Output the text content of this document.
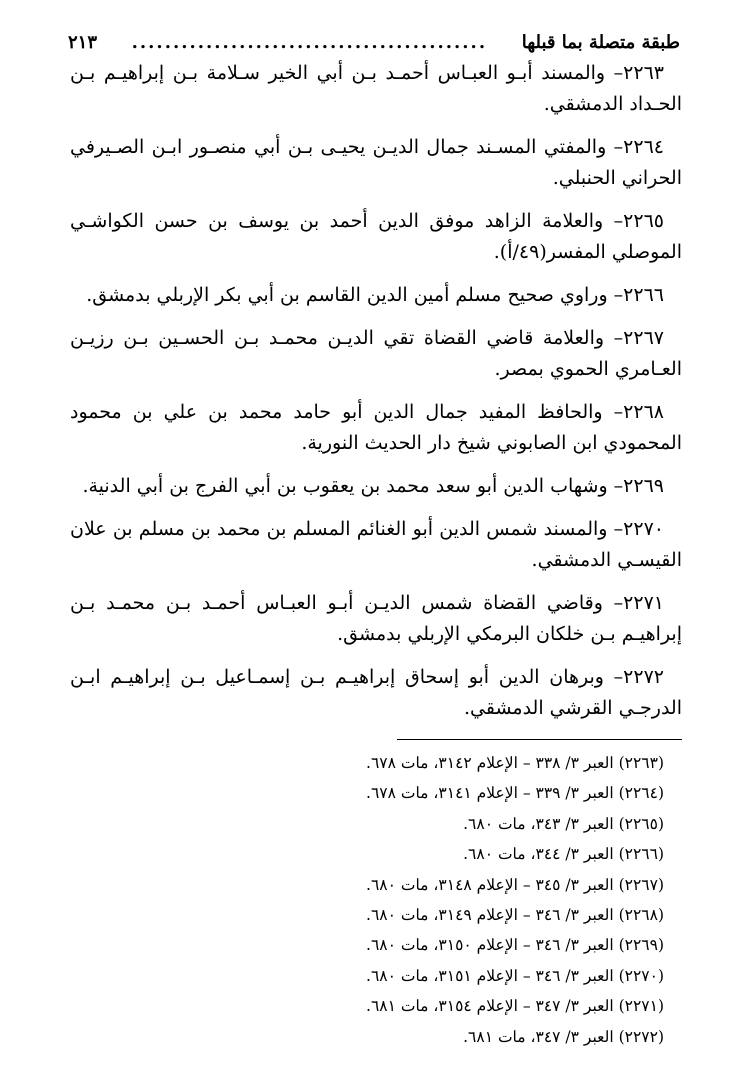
طبقة متصلة بما قبلها
...........................................
٢١٣

٢٢٦٣– والمسند أبـو العبـاس أحمـد بـن أبي الخير سـلامة بـن إبراهيـم بـن الحـداد الدمشقي.

٢٢٦٤– والمفتي المسـند جمال الديـن يحيـى بـن أبي منصـور ابـن الصـيرفي الحراني الحنبلي.

٢٢٦٥– والعلامة الزاهد موفق الدين أحمد بن يوسف بن حسن الكواشـي الموصلي المفسر(٤٩/أ).

٢٢٦٦– وراوي صحيح مسلم أمين الدين القاسم بن أبي بكر الإربلي بدمشق.

٢٢٦٧– والعلامة قاضي القضاة تقي الديـن محمـد بـن الحسـين بـن رزيـن العـامري الحموي بمصر.

٢٢٦٨– والحافظ المفيد جمال الدين أبو حامد محمد بن علي بن محمود المحمودي ابن الصابوني شيخ دار الحديث النورية.

٢٢٦٩– وشهاب الدين أبو سعد محمد بن يعقوب بن أبي الفرج بن أبي الدنية.

٢٢٧٠– والمسند شمس الدين أبو الغنائم المسلم بن محمد بن مسلم بن علان القيسـي الدمشقي.

٢٢٧١– وقاضي القضاة شمس الديـن أبـو العبـاس أحمـد بـن محمـد بـن إبراهيـم بـن خلكان البرمكي الإربلي بدمشق.

٢٢٧٢– وبرهان الدين أبو إسحاق إبراهيـم بـن إسمـاعيل بـن إبراهيـم ابـن الدرجـي القرشي الدمشقي.

(٢٢٦٣) العبر ٣/ ٣٣٨ – الإعلام ٣١٤٢، مات ٦٧٨.
(٢٢٦٤) العبر ٣/ ٣٣٩ – الإعلام ٣١٤١، مات ٦٧٨.
(٢٢٦٥) العبر ٣/ ٣٤٣، مات ٦٨٠.
(٢٢٦٦) العبر ٣/ ٣٤٤، مات ٦٨٠.
(٢٢٦٧) العبر ٣/ ٣٤٥ – الإعلام ٣١٤٨، مات ٦٨٠.
(٢٢٦٨) العبر ٣/ ٣٤٦ – الإعلام ٣١٤٩، مات ٦٨٠.
(٢٢٦٩) العبر ٣/ ٣٤٦ – الإعلام ٣١٥٠، مات ٦٨٠.
(٢٢٧٠) العبر ٣/ ٣٤٦ – الإعلام ٣١٥١، مات ٦٨٠.
(٢٢٧١) العبر ٣/ ٣٤٧ – الإعلام ٣١٥٤، مات ٦٨١.
(٢٢٧٢) العبر ٣/ ٣٤٧، مات ٦٨١.
